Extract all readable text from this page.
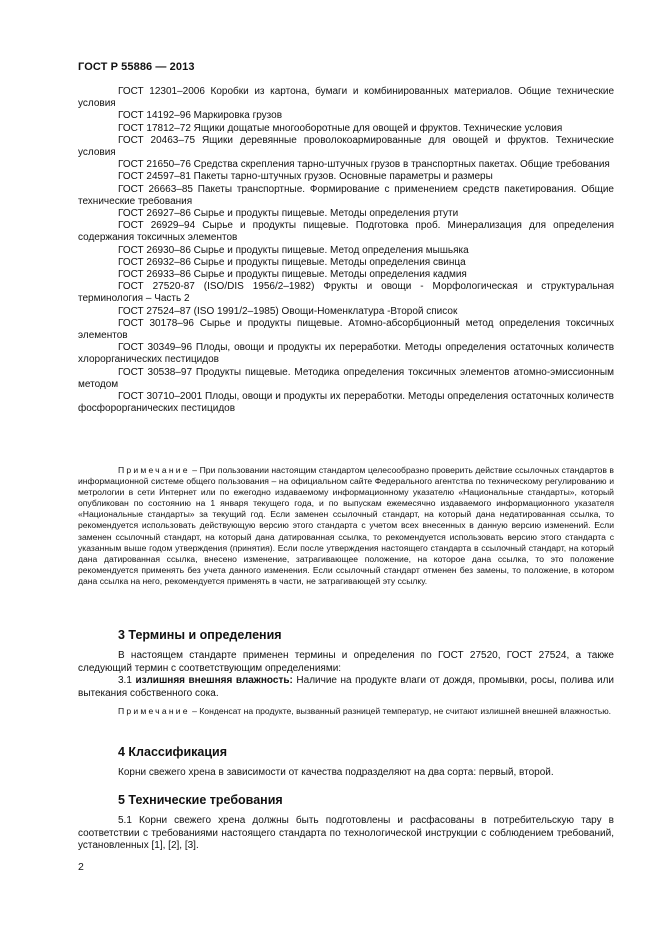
ГОСТ Р 55886 — 2013

ГОСТ 12301–2006 Коробки из картона, бумаги и комбинированных материалов. Общие технические условия

ГОСТ 14192–96 Маркировка грузов

ГОСТ 17812–72 Ящики дощатые многооборотные для овощей и фруктов. Технические условия

ГОСТ 20463–75 Ящики деревянные проволокоармированные для овощей и фруктов. Технические условия

ГОСТ 21650–76 Средства скрепления тарно-штучных грузов в транспортных пакетах. Общие требования

ГОСТ 24597–81 Пакеты тарно-штучных грузов. Основные параметры и размеры

ГОСТ 26663–85 Пакеты транспортные. Формирование с применением средств пакетирования. Общие технические требования

ГОСТ 26927–86 Сырье и продукты пищевые. Методы определения ртути

ГОСТ 26929–94 Сырье и продукты пищевые. Подготовка проб. Минерализация для определения содержания токсичных элементов

ГОСТ 26930–86 Сырье и продукты пищевые. Метод определения мышьяка

ГОСТ 26932–86 Сырье и продукты пищевые. Методы определения свинца

ГОСТ 26933–86 Сырье и продукты пищевые. Методы определения кадмия

ГОСТ 27520-87 (ISO/DIS 1956/2–1982) Фрукты и овощи - Морфологическая и структуральная терминология – Часть 2

ГОСТ 27524–87 (ISO 1991/2–1985) Овощи-Номенклатура -Второй список

ГОСТ 30178–96 Сырье и продукты пищевые. Атомно-абсорбционный метод определения токсичных элементов

ГОСТ 30349–96 Плоды, овощи и продукты их переработки. Методы определения остаточных количеств хлорорганических пестицидов

ГОСТ 30538–97 Продукты пищевые. Методика определения токсичных элементов атомно-эмиссионным методом

ГОСТ 30710–2001 Плоды, овощи и продукты их переработки. Методы определения остаточных количеств фосфорорганических пестицидов

Примечание – При пользовании настоящим стандартом целесообразно проверить действие ссылочных стандартов в информационной системе общего пользования – на официальном сайте Федерального агентства по техническому регулированию и метрологии в сети Интернет или по ежегодно издаваемому информационному указателю «Национальные стандарты», который опубликован по состоянию на 1 января текущего года, и по выпускам ежемесячно издаваемого информационного указателя «Национальные стандарты» за текущий год. Если заменен ссылочный стандарт, на который дана недатированная ссылка, то рекомендуется использовать действующую версию этого стандарта с учетом всех внесенных в данную версию изменений. Если заменен ссылочный стандарт, на который дана датированная ссылка, то рекомендуется использовать версию этого стандарта с указанным выше годом утверждения (принятия). Если после утверждения настоящего стандарта в ссылочный стандарт, на который дана датированная ссылка, внесено изменение, затрагивающее положение, на которое дана ссылка, то это положение рекомендуется применять без учета данного изменения. Если ссылочный стандарт отменен без замены, то положение, в котором дана ссылка на него, рекомендуется применять в части, не затрагивающей эту ссылку.

3 Термины и определения

В настоящем стандарте применен термины и определения по ГОСТ 27520, ГОСТ 27524, а также следующий термин с соответствующим определениями:

3.1 излишняя внешняя влажность: Наличие на продукте влаги от дождя, промывки, росы, полива или вытекания собственного сока.

Примечание – Конденсат на продукте, вызванный разницей температур, не считают излишней внешней влажностью.

4 Классификация

Корни свежего хрена в зависимости от качества подразделяют на два сорта: первый, второй.

5 Технические требования

5.1 Корни свежего хрена должны быть подготовлены и расфасованы в потребительскую тару в соответствии с требованиями настоящего стандарта по технологической инструкции с соблюдением требований, установленных [1], [2], [3].

2
